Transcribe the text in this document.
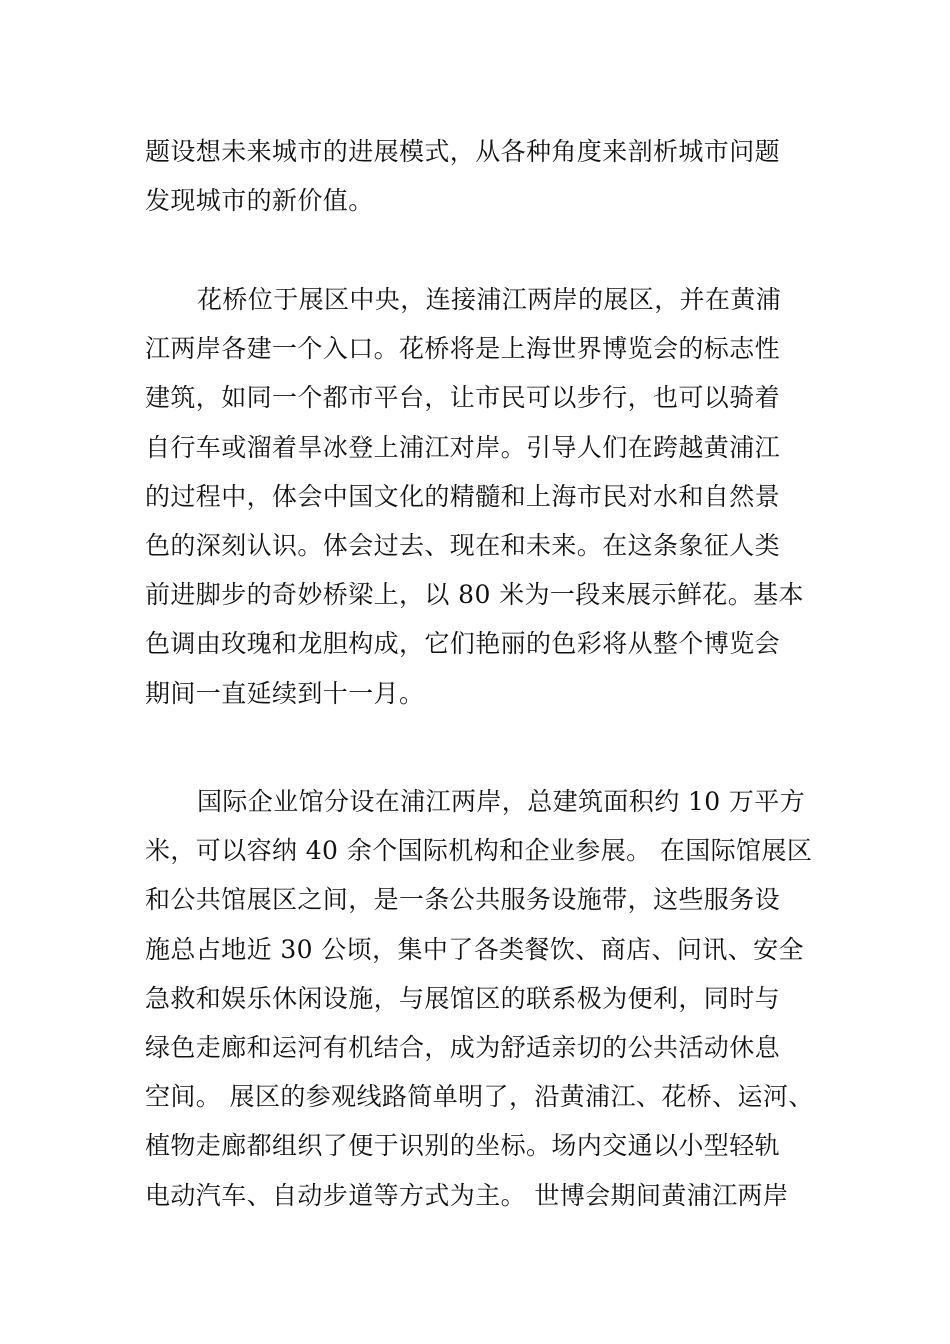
题设想未来城市的进展模式，从各种角度来剖析城市问题
发现城市的新价值。
花桥位于展区中央，连接浦江两岸的展区，并在黄浦
江两岸各建一个入口。花桥将是上海世界博览会的标志性
建筑，如同一个都市平台，让市民可以步行，也可以骑着
自行车或溜着旱冰登上浦江对岸。引导人们在跨越黄浦江
的过程中，体会中国文化的精髓和上海市民对水和自然景
色的深刻认识。体会过去、现在和未来。在这条象征人类
前进脚步的奇妙桥梁上，以 80 米为一段来展示鲜花。基本
色调由玫瑰和龙胆构成，它们艳丽的色彩将从整个博览会
期间一直延续到十一月。
国际企业馆分设在浦江两岸，总建筑面积约 10 万平方
米，可以容纳 40 余个国际机构和企业参展。 在国际馆展区
和公共馆展区之间，是一条公共服务设施带，这些服务设
施总占地近 30 公顷，集中了各类餐饮、商店、问讯、安全
急救和娱乐休闲设施，与展馆区的联系极为便利，同时与
绿色走廊和运河有机结合，成为舒适亲切的公共活动休息
空间。 展区的参观线路简单明了，沿黄浦江、花桥、运河、
植物走廊都组织了便于识别的坐标。场内交通以小型轻轨
电动汽车、自动步道等方式为主。 世博会期间黄浦江两岸
